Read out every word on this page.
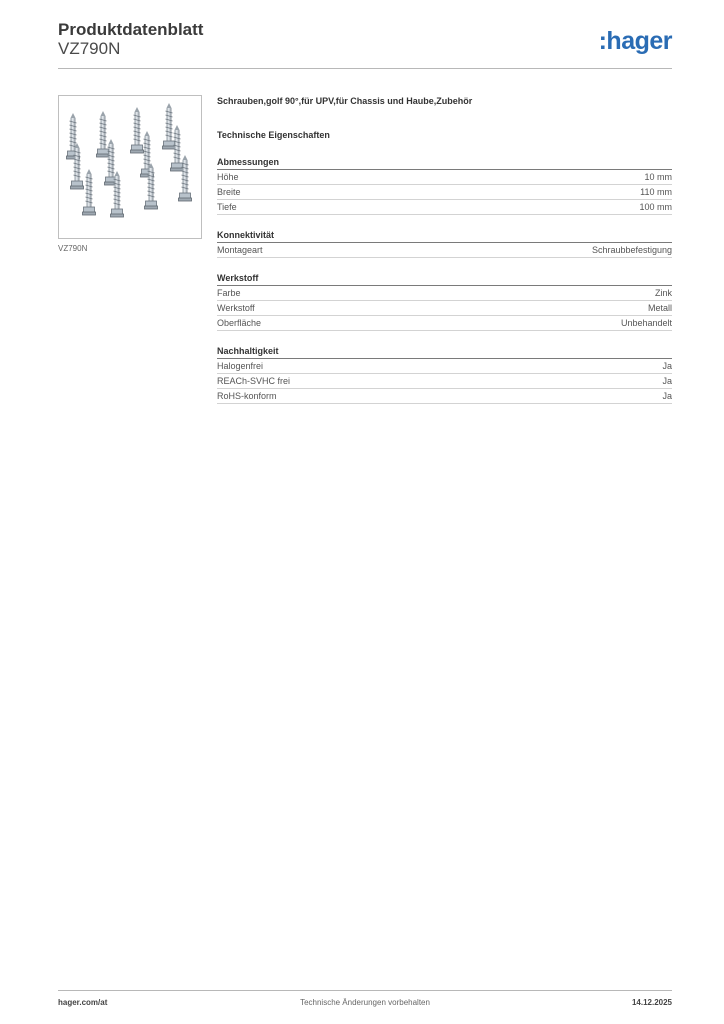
Produktdatenblatt
VZ790N	:hager
VZ790N
Schrauben,golf 90°,für UPV,für Chassis und Haube,Zubehör
Technische Eigenschaften
Abmessungen
Höhe	10 mm
Breite	110 mm
Tiefe	100 mm
Konnektivität
Montageart	Schraubbefestigung
Werkstoff
Farbe	Zink
Werkstoff	Metall
Oberfläche	Unbehandelt
Nachhaltigkeit
Halogenfrei	Ja
REACh-SVHC frei	Ja
RoHS-konform	Ja
Technische Änderungen vorbehalten
hager.com/at	14.12.2025
